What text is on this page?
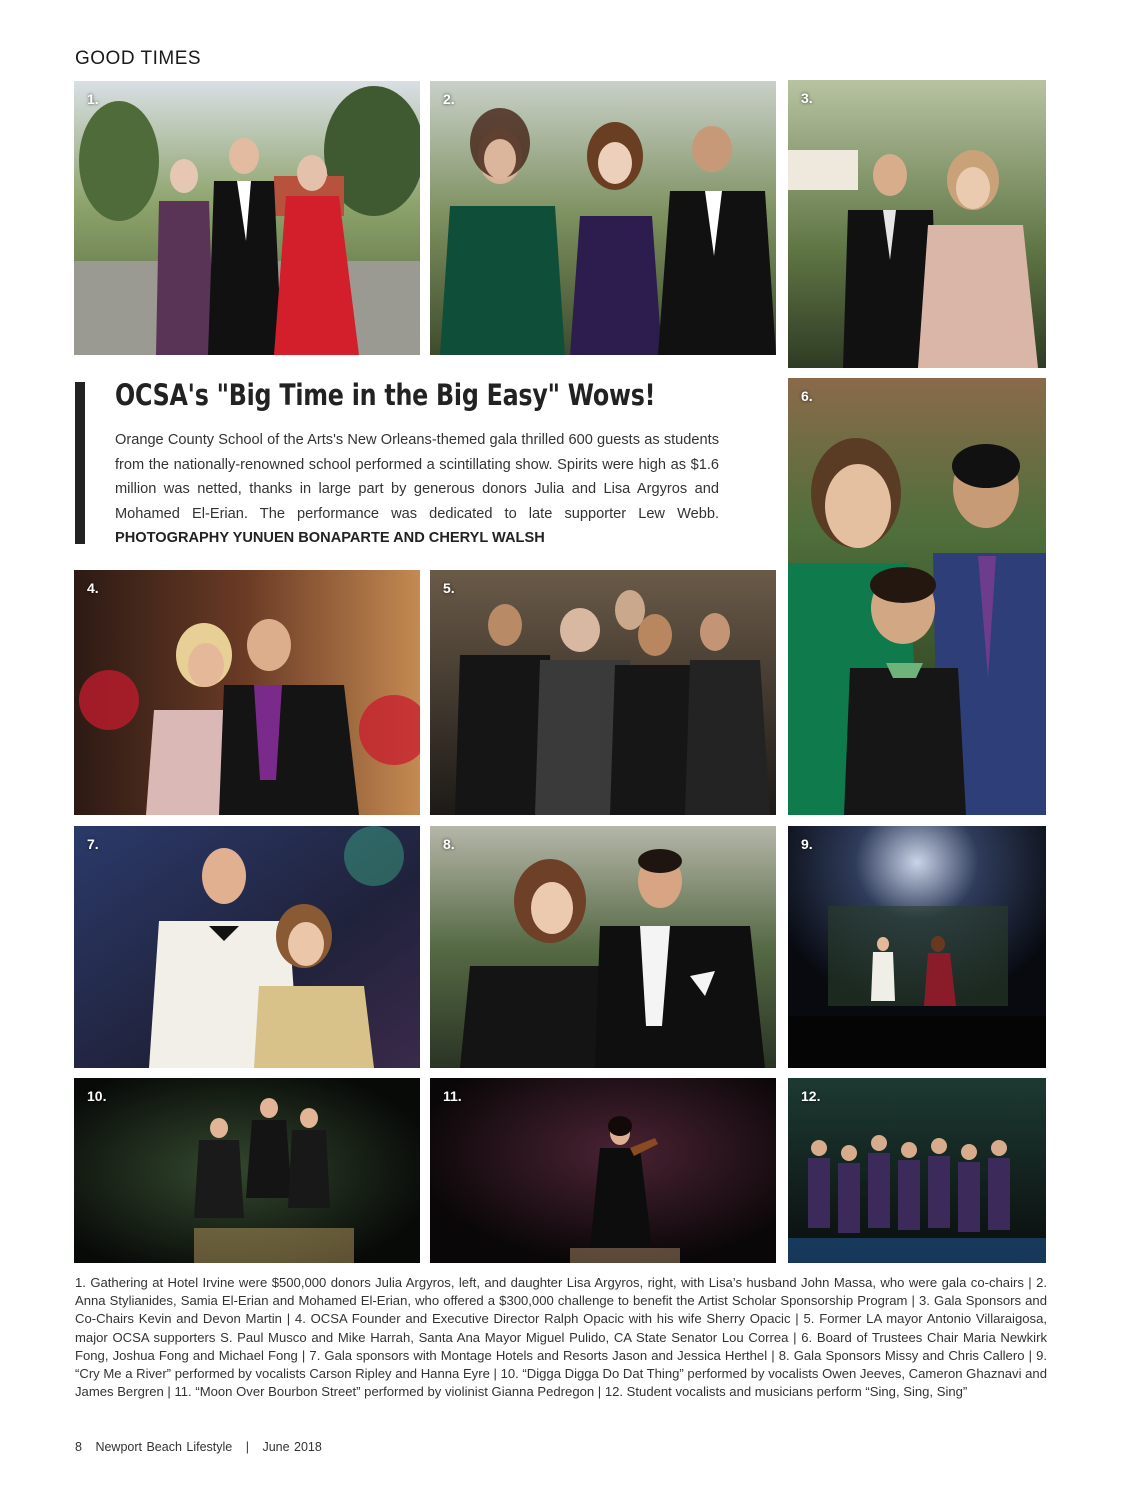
GOOD TIMES
1.	2.	3.
OCSA's "Big Time in the Big Easy" Wows!
Orange County School of the Arts's New Orleans-themed gala thrilled 600 guests as students from the nationally-renowned school performed a scintillating show. Spirits were high as $1.6 million was netted, thanks in large part by generous donors Julia and Lisa Argyros and Mohamed El-Erian. The performance was dedicated to late supporter Lew Webb. PHOTOGRAPHY YUNUEN BONAPARTE AND CHERYL WALSH
6.
4.	5.
7.	8.	9.
10.	11.	12.
1. Gathering at Hotel Irvine were $500,000 donors Julia Argyros, left, and daughter Lisa Argyros, right, with Lisa’s husband John Massa, who were gala co-chairs | 2. Anna Stylianides, Samia El-Erian and Mohamed El-Erian, who offered a $300,000 challenge to benefit the Artist Scholar Sponsorship Program | 3. Gala Sponsors and Co-Chairs Kevin and Devon Martin | 4. OCSA Founder and Executive Director Ralph Opacic with his wife Sherry Opacic | 5. Former LA mayor Antonio Villaraigosa, major OCSA supporters S. Paul Musco and Mike Harrah, Santa Ana Mayor Miguel Pulido, CA State Senator Lou Correa | 6. Board of Trustees Chair Maria Newkirk Fong, Joshua Fong and Michael Fong | 7. Gala sponsors with Montage Hotels and Resorts Jason and Jessica Herthel | 8. Gala Sponsors Missy and Chris Callero | 9. “Cry Me a River” performed by vocalists Carson Ripley and Hanna Eyre | 10. “Digga Digga Do Dat Thing” performed by vocalists Owen Jeeves, Cameron Ghaznavi and James Bergren | 11. “Moon Over Bourbon Street” performed by violinist Gianna Pedregon | 12. Student vocalists and musicians perform “Sing, Sing, Sing”
8 Newport Beach Lifestyle | June 2018
